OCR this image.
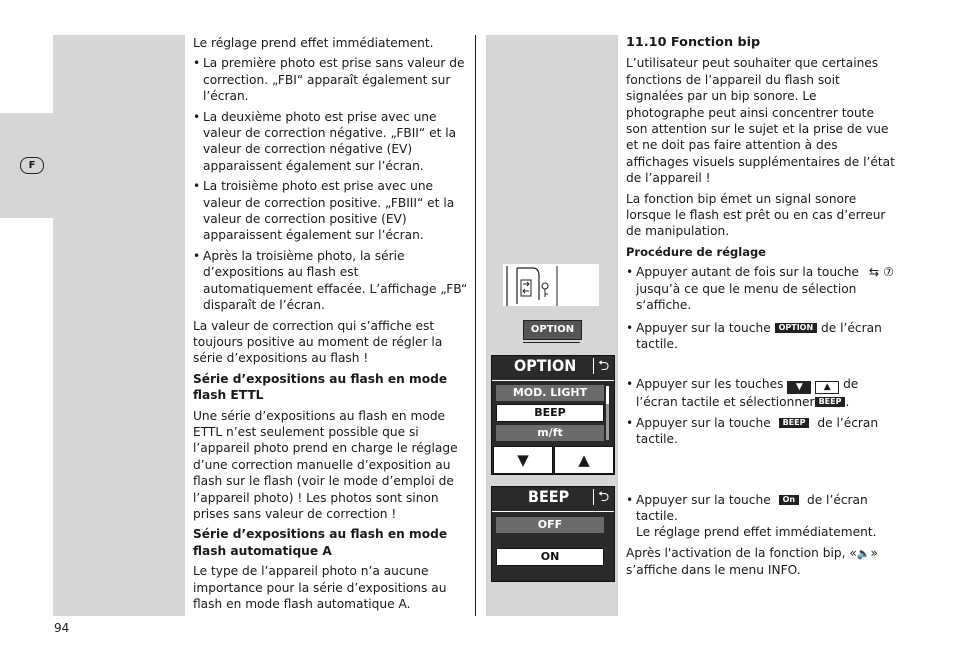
F

Le réglage prend effet immédiatement.

• La première photo est prise sans valeur de correction. „FBI“ apparaît également sur l’écran.
• La deuxième photo est prise avec une valeur de correction négative. „FBII“ et la valeur de correction négative (EV) apparaissent également sur l’écran.
• La troisième photo est prise avec une valeur de correction positive. „FBIII“ et la valeur de correction positive (EV) apparaissent également sur l’écran.
• Après la troisième photo, la série d’expositions au flash est automatiquement effacée. L’affichage „FB“ disparaît de l’écran.

La valeur de correction qui s’affiche est toujours positive au moment de régler la série d’expositions au flash !

Série d’expositions au flash en mode flash ETTL

Une série d’expositions au flash en mode ETTL n’est seulement possible que si l’appareil photo prend en charge le réglage d’une correction manuelle d’exposition au flash sur le flash (voir le mode d’emploi de l’appareil photo) ! Les photos sont sinon prises sans valeur de correction !

Série d’expositions au flash en mode flash automatique A

Le type de l’appareil photo n’a aucune importance pour la série d’expositions au flash en mode flash automatique A.

11.10 Fonction bip

L’utilisateur peut souhaiter que certaines fonctions de l’appareil du flash soit signalées par un bip sonore. Le photographe peut ainsi concentrer toute son attention sur le sujet et la prise de vue et ne doit pas faire attention à des affichages visuels supplémentaires de l’état de l’appareil !

La fonction bip émet un signal sonore lorsque le flash est prêt ou en cas d’erreur de manipulation.

Procédure de réglage

• Appuyer autant de fois sur la touche ⇆ ⑦ jusqu’à ce que le menu de sélection s‘affiche.
• Appuyer sur la touche OPTION de l’écran tactile.
• Appuyer sur les touches ▼ ▲ de l’écran tactile et sélectionner BEEP .
• Appuyer sur la touche BEEP de l’écran tactile.
• Appuyer sur la touche On de l’écran tactile.
Le réglage prend effet immédiatement.

Après l'activation de la fonction bip, «🔈» s’affiche dans le menu INFO.

OPTION
OPTION	⮌
MOD. LIGHT
BEEP
m/ft
▼	▲
BEEP	⮌
OFF
ON
94
